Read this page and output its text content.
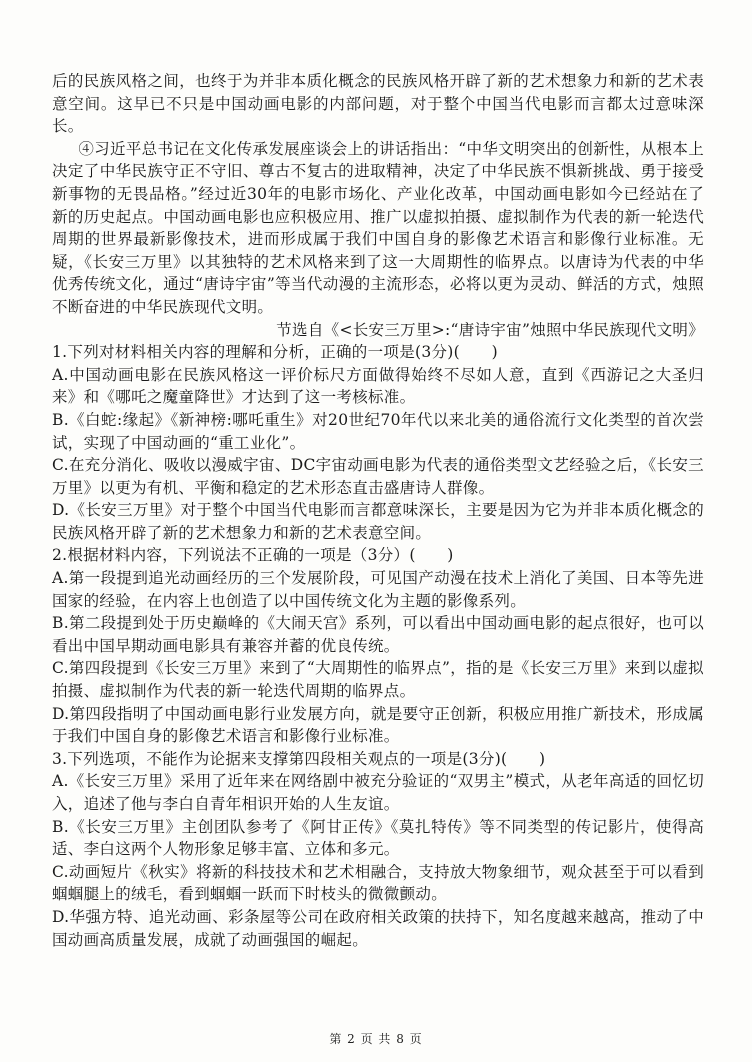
后的民族风格之间，也终于为并非本质化概念的民族风格开辟了新的艺术想象力和新的艺术表意空间。这早已不只是中国动画电影的内部问题，对于整个中国当代电影而言都太过意味深长。

④习近平总书记在文化传承发展座谈会上的讲话指出：“中华文明突出的创新性，从根本上决定了中华民族守正不守旧、尊古不复古的进取精神，决定了中华民族不惧新挑战、勇于接受新事物的无畏品格。”经过近30年的电影市场化、产业化改革，中国动画电影如今已经站在了新的历史起点。中国动画电影也应积极应用、推广以虚拟拍摄、虚拟制作为代表的新一轮迭代周期的世界最新影像技术，进而形成属于我们中国自身的影像艺术语言和影像行业标准。无疑，《长安三万里》以其独特的艺术风格来到了这一大周期性的临界点。以唐诗为代表的中华优秀传统文化，通过“唐诗宇宙”等当代动漫的主流形态，必将以更为灵动、鲜活的方式，烛照不断奋进的中华民族现代文明。

节选自《<长安三万里>:“唐诗宇宙”烛照中华民族现代文明》

1.下列对材料相关内容的理解和分析，正确的一项是(3分)(　　)

A.中国动画电影在民族风格这一评价标尺方面做得始终不尽如人意，直到《西游记之大圣归来》和《哪吒之魔童降世》才达到了这一考核标准。

B.《白蛇:缘起》《新神榜:哪吒重生》对20世纪70年代以来北美的通俗流行文化类型的首次尝试，实现了中国动画的“重工业化”。

C.在充分消化、吸收以漫威宇宙、DC宇宙动画电影为代表的通俗类型文艺经验之后，《长安三万里》以更为有机、平衡和稳定的艺术形态直击盛唐诗人群像。

D.《长安三万里》对于整个中国当代电影而言都意味深长，主要是因为它为并非本质化概念的民族风格开辟了新的艺术想象力和新的艺术表意空间。

2.根据材料内容，下列说法不正确的一项是（3分）(　　)

A.第一段提到追光动画经历的三个发展阶段，可见国产动漫在技术上消化了美国、日本等先进国家的经验，在内容上也创造了以中国传统文化为主题的影像系列。

B.第二段提到处于历史巅峰的《大闹天宫》系列，可以看出中国动画电影的起点很好，也可以看出中国早期动画电影具有兼容并蓄的优良传统。

C.第四段提到《长安三万里》来到了“大周期性的临界点”，指的是《长安三万里》来到以虚拟拍摄、虚拟制作为代表的新一轮迭代周期的临界点。

D.第四段指明了中国动画电影行业发展方向，就是要守正创新，积极应用推广新技术，形成属于我们中国自身的影像艺术语言和影像行业标准。

3.下列选项，不能作为论据来支撑第四段相关观点的一项是(3分)(　　)

A.《长安三万里》采用了近年来在网络剧中被充分验证的“双男主”模式，从老年高适的回忆切入，追述了他与李白自青年相识开始的人生友谊。

B.《长安三万里》主创团队参考了《阿甘正传》《莫扎特传》等不同类型的传记影片，使得高适、李白这两个人物形象足够丰富、立体和多元。

C.动画短片《秋实》将新的科技技术和艺术相融合，支持放大物象细节，观众甚至于可以看到蝈蝈腿上的绒毛，看到蝈蝈一跃而下时枝头的微微颤动。

D.华强方特、追光动画、彩条屋等公司在政府相关政策的扶持下，知名度越来越高，推动了中国动画高质量发展，成就了动画强国的崛起。

第 2 页 共 8 页
